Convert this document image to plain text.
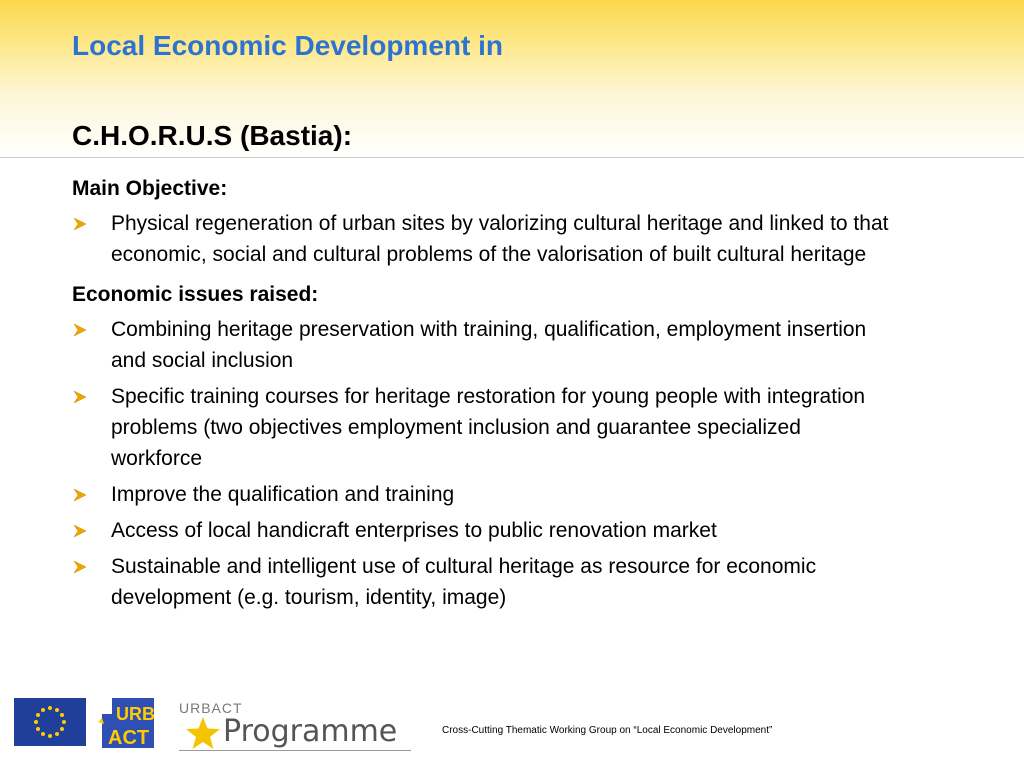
Local Economic Development in
C.H.O.R.U.S (Bastia):

Main Objective:

Physical regeneration of urban sites by valorizing cultural heritage and linked to that economic, social and cultural problems of the valorisation of built cultural heritage

Economic issues raised:

Combining heritage preservation with training, qualification, employment insertion and social inclusion
Specific training courses for heritage restoration for young people with integration problems (two objectives employment inclusion and guarantee specialized workforce
Improve the qualification and training
Access of local handicraft enterprises to public renovation market
Sustainable and intelligent use of cultural heritage as resource for economic development (e.g. tourism, identity, image)
URB
ACT
URBACT
Programme	Cross-Cutting Thematic Working Group on “Local Economic Development”
